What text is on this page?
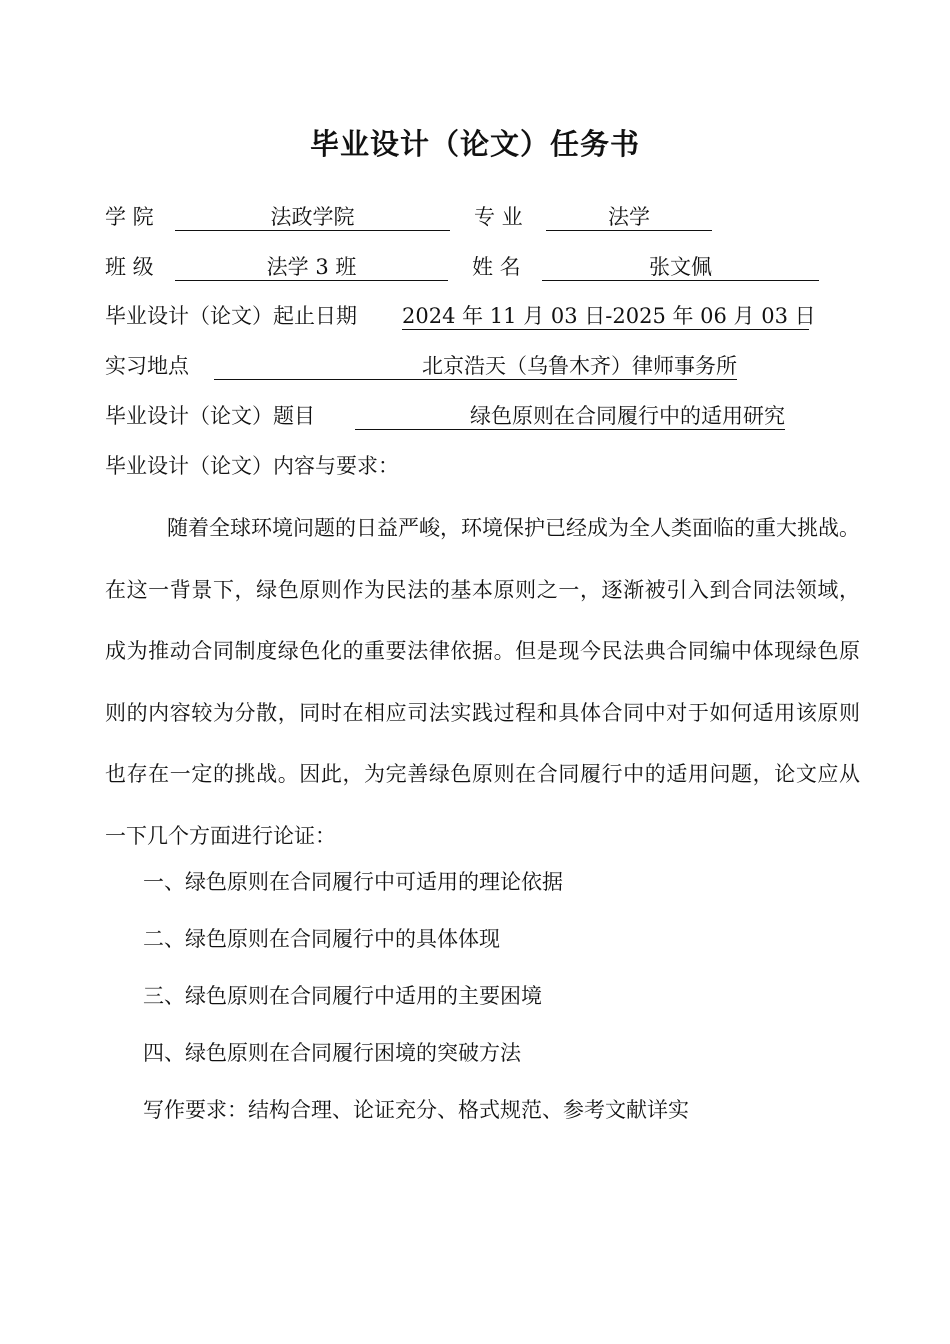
毕业设计（论文）任务书
学 院	法政学院	专 业	法学
班 级	法学 3 班	姓 名	张文佩
毕业设计（论文）起止日期 2024 年 11 月 03 日-2025 年 06 月 03 日
实习地点	北京浩天（乌鲁木齐）律师事务所
毕业设计（论文）题目	绿色原则在合同履行中的适用研究
毕业设计（论文）内容与要求：
随着全球环境问题的日益严峻，环境保护已经成为全人类面临的重大挑战。在这一背景下，绿色原则作为民法的基本原则之一，逐渐被引入到合同法领域，成为推动合同制度绿色化的重要法律依据。但是现今民法典合同编中体现绿色原则的内容较为分散，同时在相应司法实践过程和具体合同中对于如何适用该原则也存在一定的挑战。因此，为完善绿色原则在合同履行中的适用问题，论文应从一下几个方面进行论证：
一、绿色原则在合同履行中可适用的理论依据
二、绿色原则在合同履行中的具体体现
三、绿色原则在合同履行中适用的主要困境
四、绿色原则在合同履行困境的突破方法
写作要求：结构合理、论证充分、格式规范、参考文献详实
